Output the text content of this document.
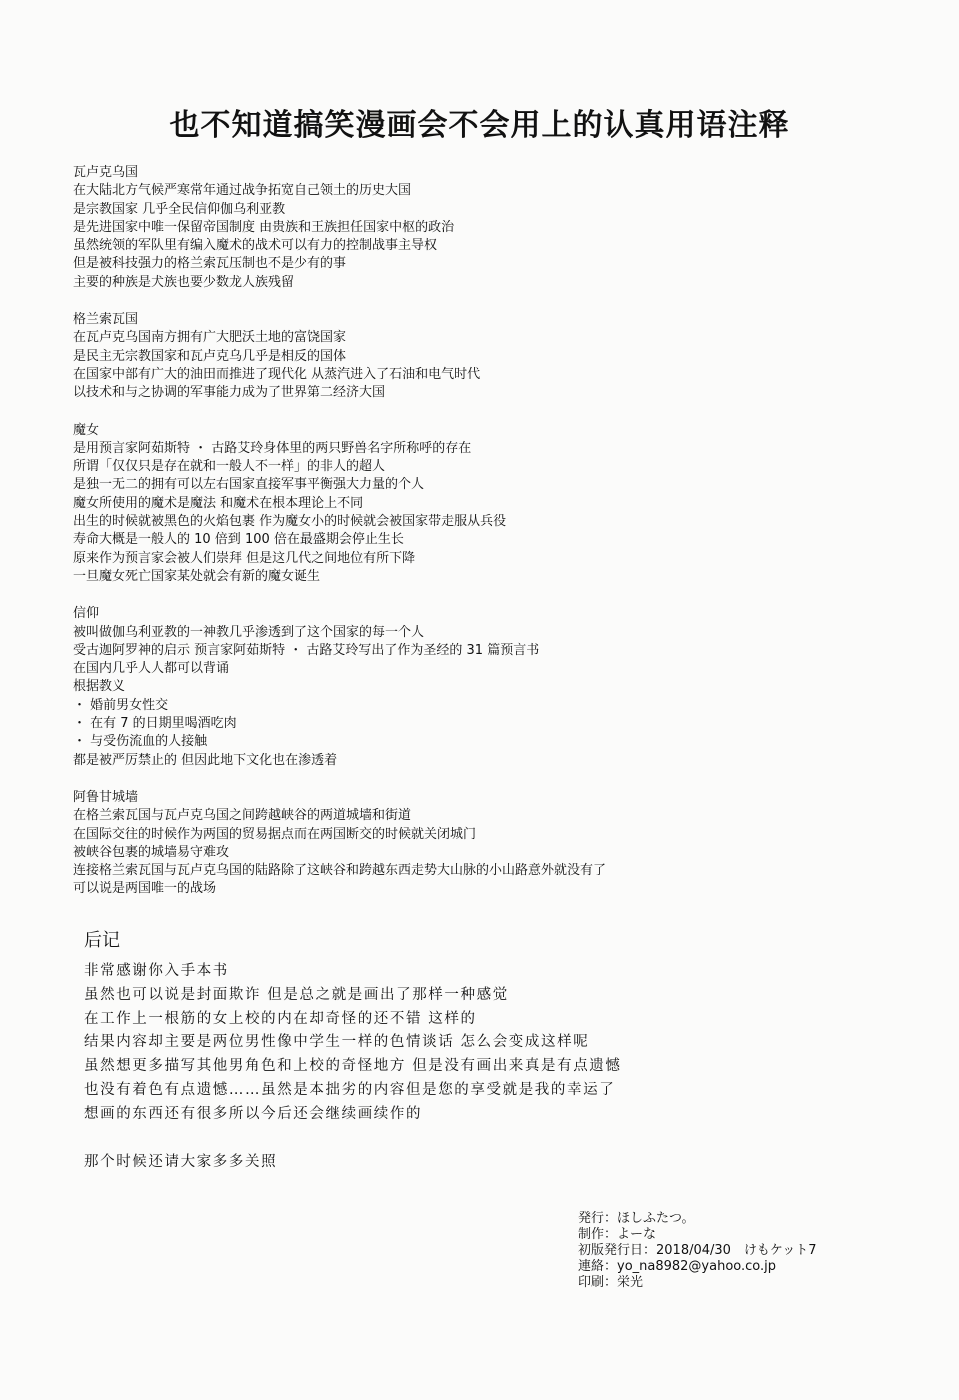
也不知道搞笑漫画会不会用上的认真用语注释

瓦卢克乌国

在大陆北方气候严寒常年通过战争拓宽自己领土的历史大国

是宗教国家 几乎全民信仰伽乌利亚教

是先进国家中唯一保留帝国制度 由贵族和王族担任国家中枢的政治

虽然统领的军队里有编入魔术的战术可以有力的控制战事主导权

但是被科技强力的格兰索瓦压制也不是少有的事

主要的种族是犬族也要少数龙人族残留

格兰索瓦国

在瓦卢克乌国南方拥有广大肥沃土地的富饶国家

是民主无宗教国家和瓦卢克乌几乎是相反的国体

在国家中部有广大的油田而推进了现代化 从蒸汽进入了石油和电气时代

以技术和与之协调的军事能力成为了世界第二经济大国

魔女

是用预言家阿茹斯特 ・ 古路艾玲身体里的两只野兽名字所称呼的存在

所谓「仅仅只是存在就和一般人不一样」的非人的超人

是独一无二的拥有可以左右国家直接军事平衡强大力量的个人

魔女所使用的魔术是魔法 和魔术在根本理论上不同

出生的时候就被黑色的火焰包裹 作为魔女小的时候就会被国家带走服从兵役

寿命大概是一般人的 10 倍到 100 倍在最盛期会停止生长

原来作为预言家会被人们崇拜 但是这几代之间地位有所下降

一旦魔女死亡国家某处就会有新的魔女诞生

信仰

被叫做伽乌利亚教的一神教几乎渗透到了这个国家的每一个人

受古迦阿罗神的启示 预言家阿茹斯特 ・ 古路艾玲写出了作为圣经的 31 篇预言书

在国内几乎人人都可以背诵

根据教义

・ 婚前男女性交

・ 在有 7 的日期里喝酒吃肉

・ 与受伤流血的人接触

都是被严厉禁止的 但因此地下文化也在渗透着

阿鲁甘城墙

在格兰索瓦国与瓦卢克乌国之间跨越峡谷的两道城墙和街道

在国际交往的时候作为两国的贸易据点而在两国断交的时候就关闭城门

被峡谷包裹的城墙易守难攻

连接格兰索瓦国与瓦卢克乌国的陆路除了这峡谷和跨越东西走势大山脉的小山路意外就没有了

可以说是两国唯一的战场

后记

非常感谢你入手本书

虽然也可以说是封面欺诈 但是总之就是画出了那样一种感觉

在工作上一根筋的女上校的内在却奇怪的还不错 这样的

结果内容却主要是两位男性像中学生一样的色情谈话 怎么会变成这样呢

虽然想更多描写其他男角色和上校的奇怪地方 但是没有画出来真是有点遗憾

也没有着色有点遗憾……虽然是本拙劣的内容但是您的享受就是我的幸运了

想画的东西还有很多所以今后还会继续画续作的

那个时候还请大家多多关照

発行：ほしふたつ。

制作：よーな

初版発行日：2018/04/30　けもケット7

連絡：yo_na8982@yahoo.co.jp

印刷：栄光
